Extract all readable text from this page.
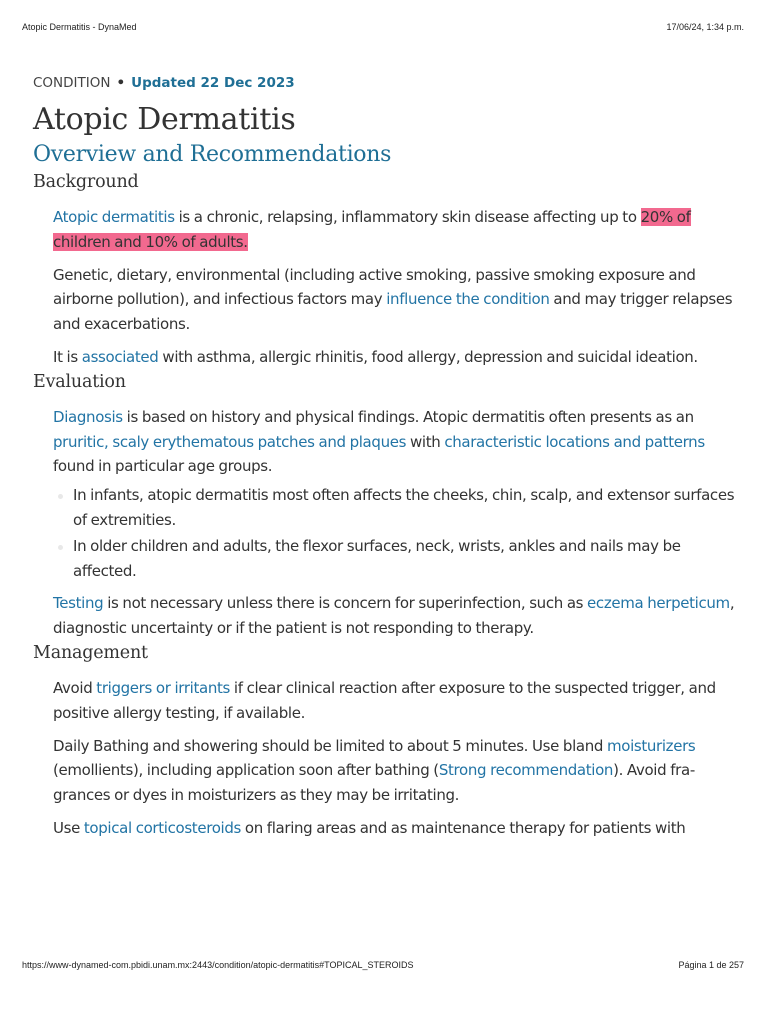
Atopic Dermatitis - DynaMed	17/06/24, 1:34 p.m.
CONDITION • Updated 22 Dec 2023
Atopic Dermatitis
Overview and Recommendations
Background

Atopic dermatitis is a chronic, relapsing, inflammatory skin disease affecting up to 20% of children and 10% of adults.

Genetic, dietary, environmental (including active smoking, passive smoking exposure and airborne pollution), and infectious factors may influence the condition and may trigger relapses and exacerbations.

It is associated with asthma, allergic rhinitis, food allergy, depression and suicidal ideation.

Evaluation

Diagnosis is based on history and physical findings. Atopic dermatitis often presents as an pruritic, scaly erythematous patches and plaques with characteristic locations and patterns found in particular age groups.

In infants, atopic dermatitis most often affects the cheeks, chin, scalp, and extensor surfaces of extremities.
In older children and adults, the flexor surfaces, neck, wrists, ankles and nails may be affected.

Testing is not necessary unless there is concern for superinfection, such as eczema herpeticum, diagnostic uncertainty or if the patient is not responding to therapy.

Management

Avoid triggers or irritants if clear clinical reaction after exposure to the suspected trigger, and positive allergy testing, if available.

Daily Bathing and showering should be limited to about 5 minutes. Use bland moisturizers (emollients), including application soon after bathing (Strong recommendation). Avoid fragrances or dyes in moisturizers as they may be irritating.

Use topical corticosteroids on flaring areas and as maintenance therapy for patients with

https://www-dynamed-com.pbidi.unam.mx:2443/condition/atopic-dermatitis#TOPICAL_STEROIDS	Página 1 de 257
